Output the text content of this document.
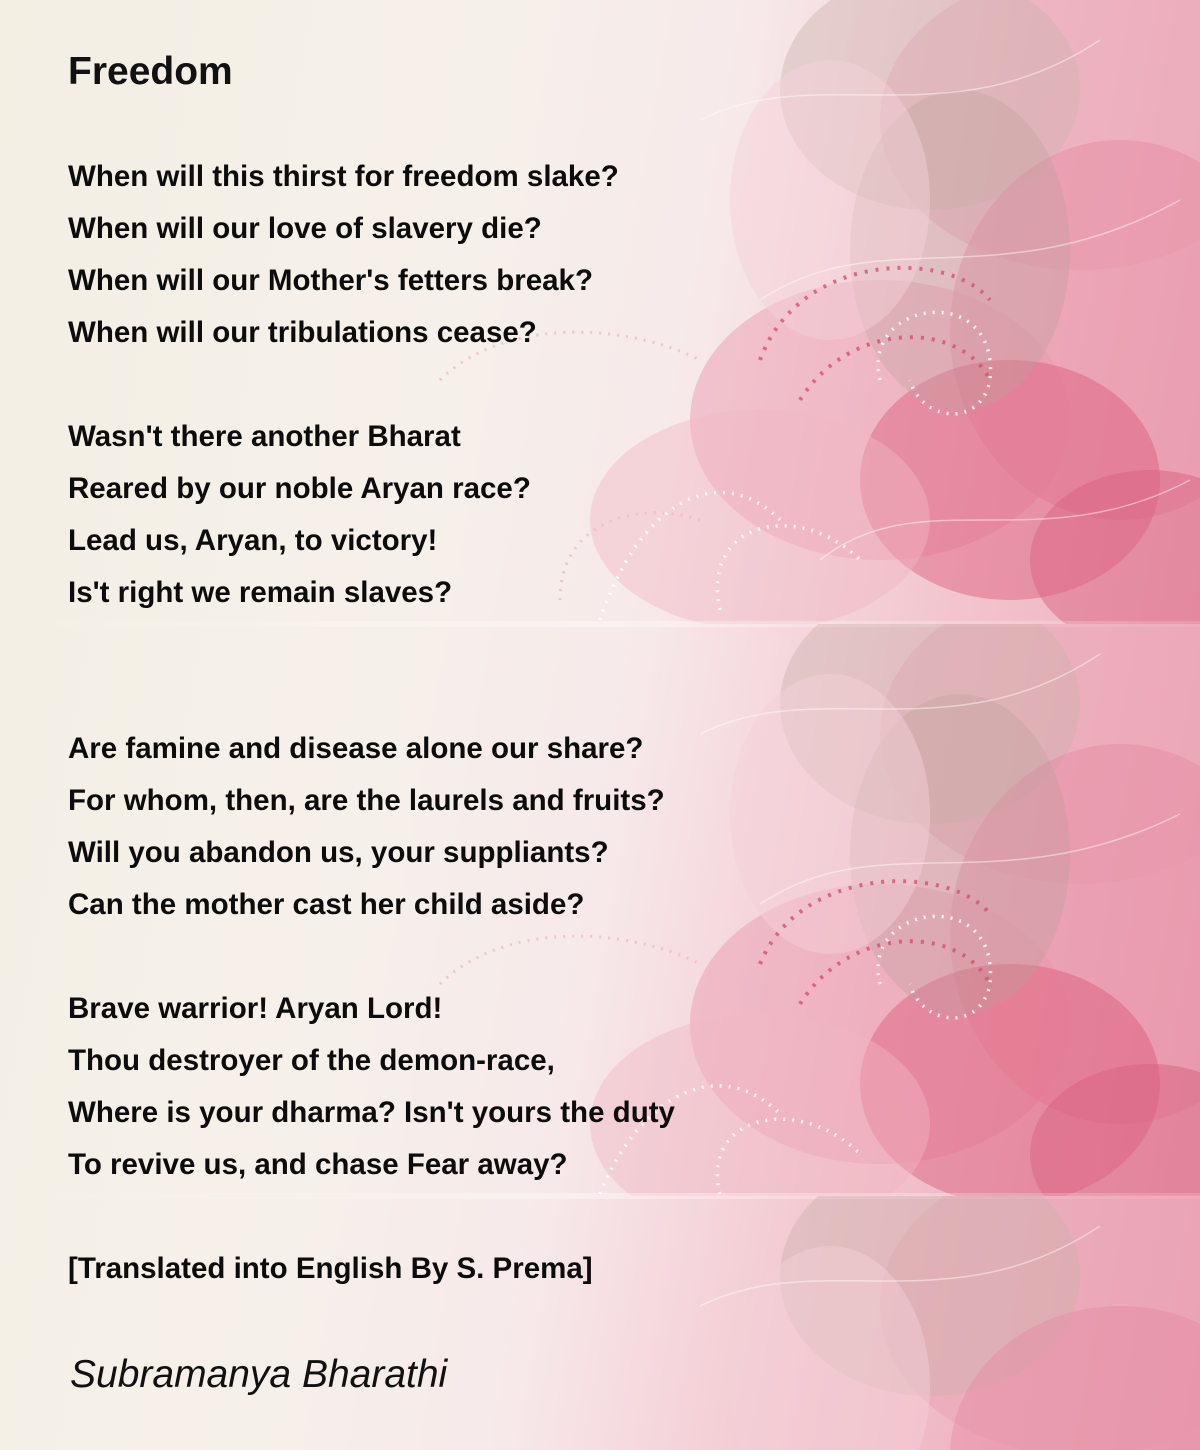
Freedom
When will this thirst for freedom slake?
When will our love of slavery die?
When will our Mother's fetters break?
When will our tribulations cease?
Wasn't there another Bharat
Reared by our noble Aryan race?
Lead us, Aryan, to victory!
Is't right we remain slaves?
Are famine and disease alone our share?
For whom, then, are the laurels and fruits?
Will you abandon us, your suppliants?
Can the mother cast her child aside?
Brave warrior! Aryan Lord!
Thou destroyer of the demon-race,
Where is your dharma? Isn't yours the duty
To revive us, and chase Fear away?
[Translated into English By S. Prema]
Subramanya Bharathi
